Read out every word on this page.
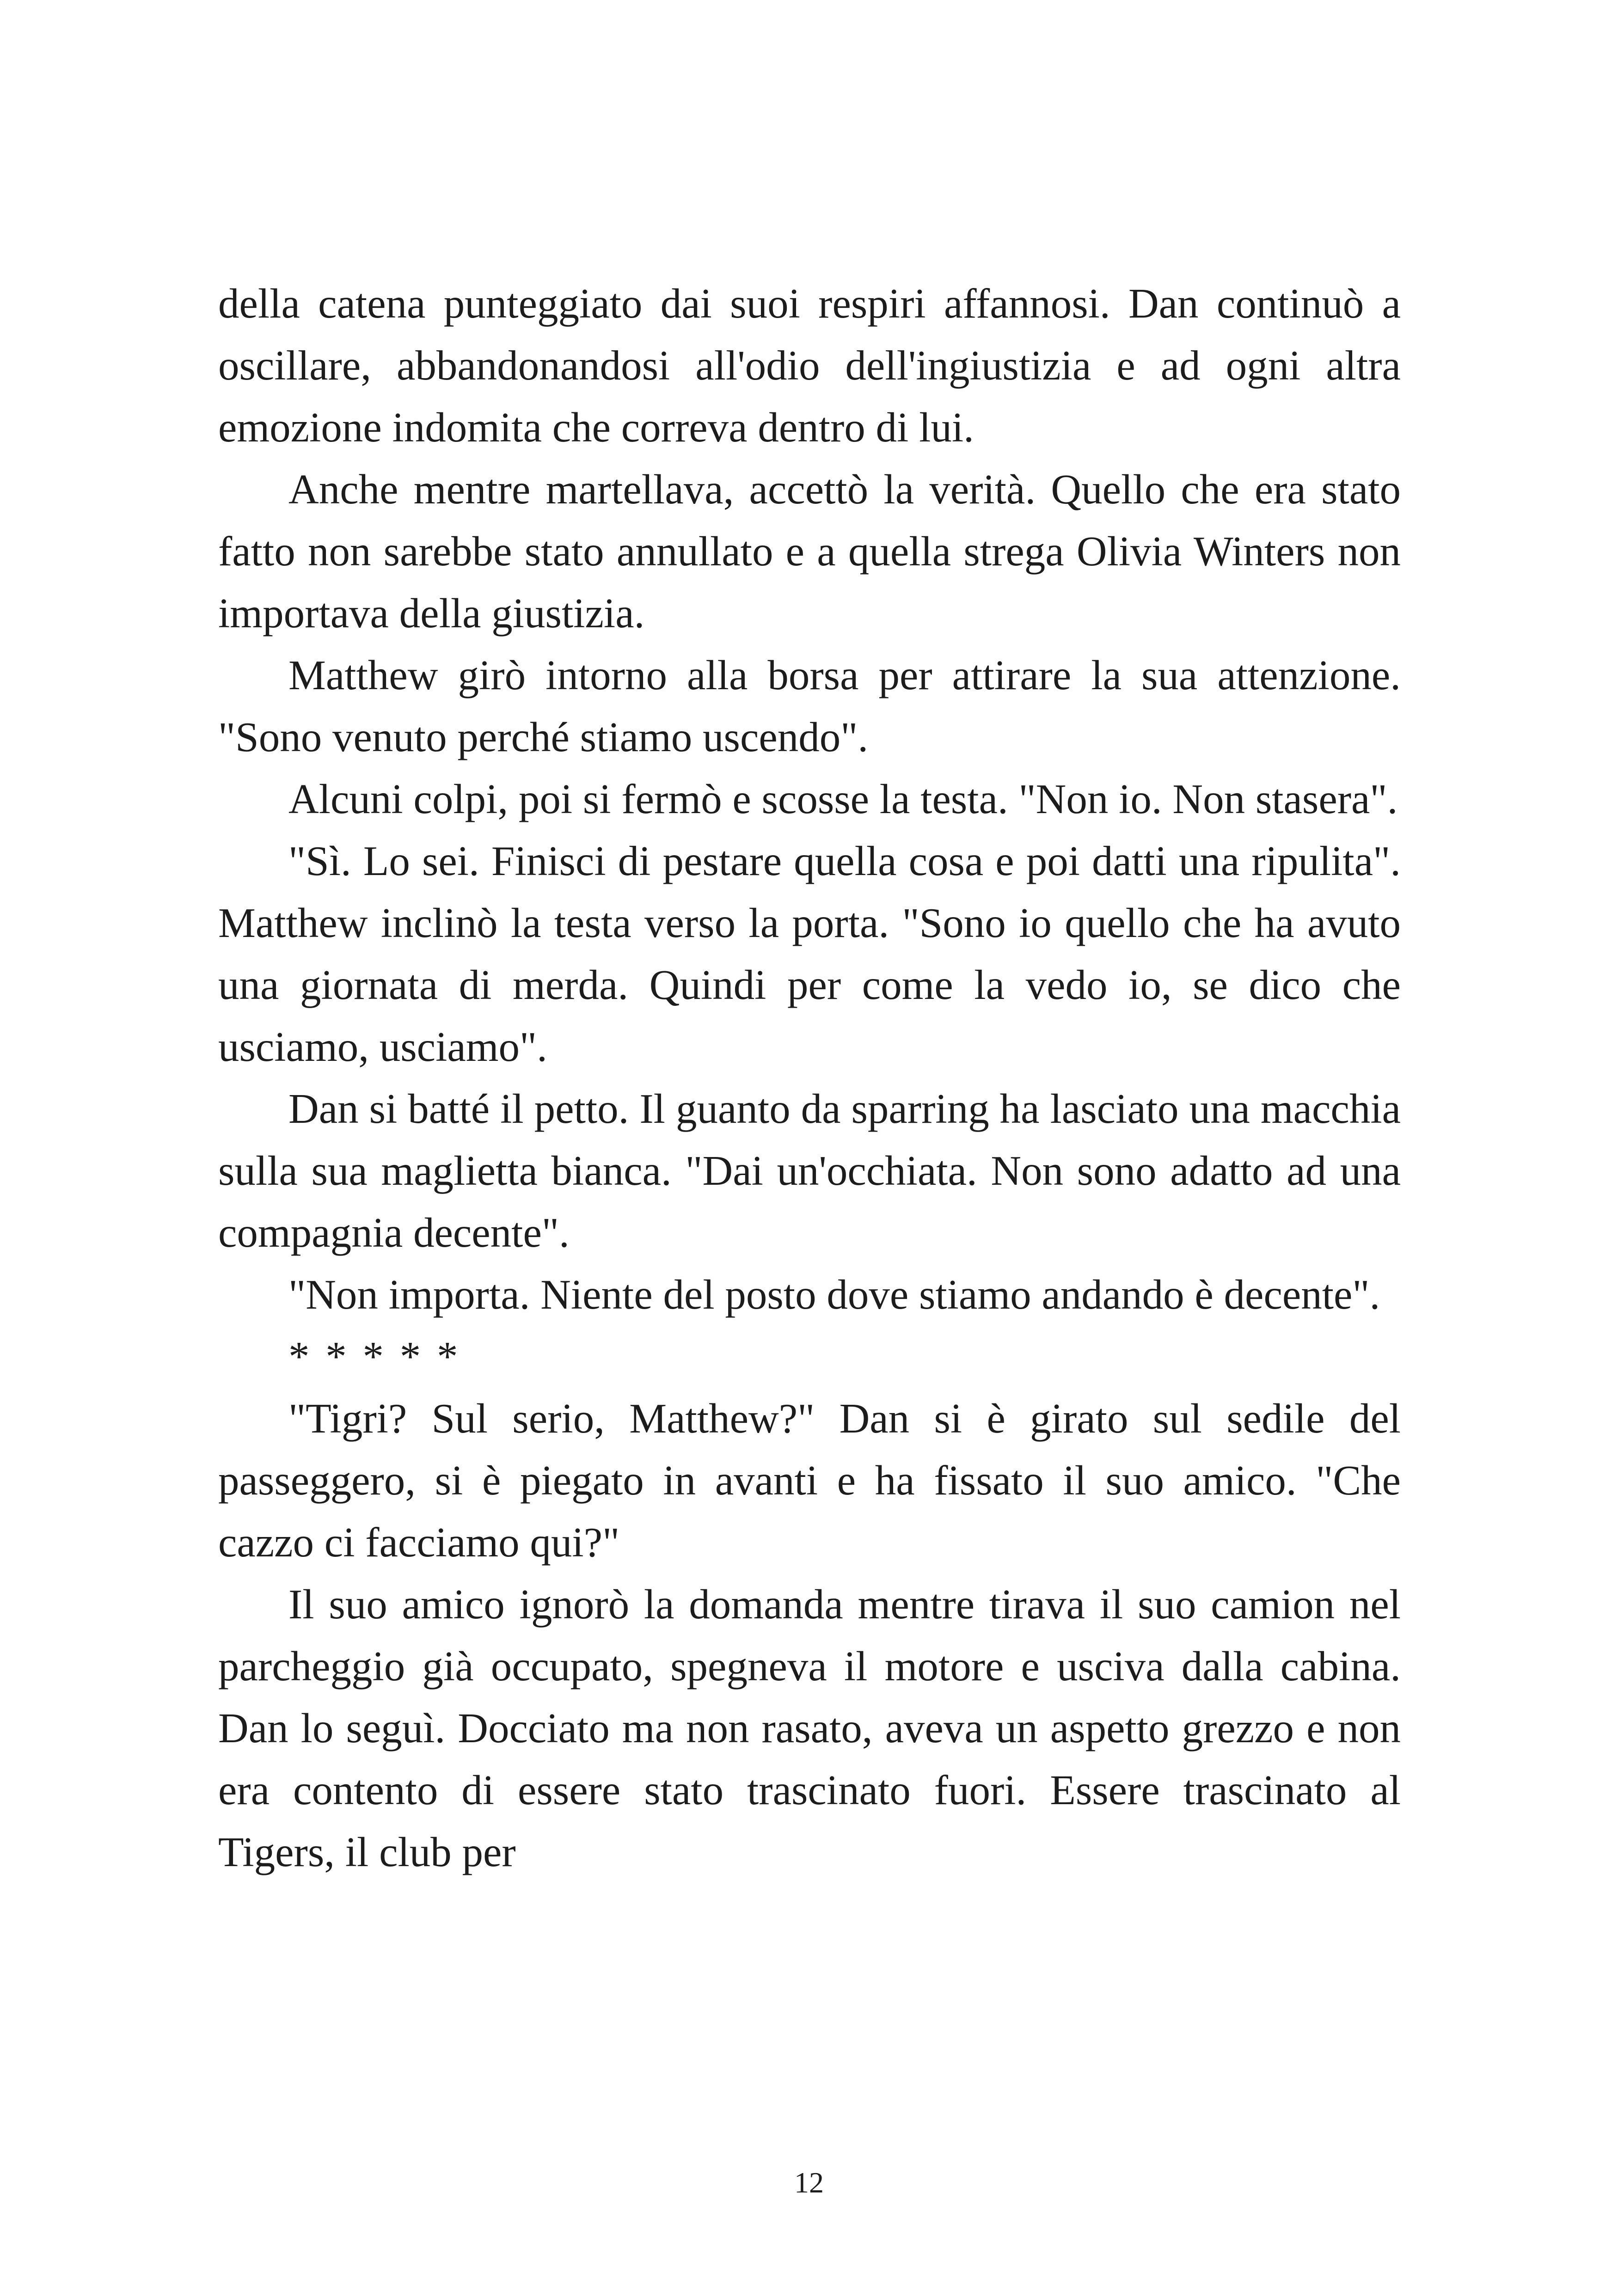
della catena punteggiato dai suoi respiri affannosi. Dan continuò a oscillare, abbandonandosi all'odio dell'ingiustizia e ad ogni altra emozione indomita che correva dentro di lui.

Anche mentre martellava, accettò la verità. Quello che era stato fatto non sarebbe stato annullato e a quella strega Olivia Winters non importava della giustizia.

Matthew girò intorno alla borsa per attirare la sua attenzione. "Sono venuto perché stiamo uscendo".

Alcuni colpi, poi si fermò e scosse la testa. "Non io. Non stasera".

"Sì. Lo sei. Finisci di pestare quella cosa e poi datti una ripulita". Matthew inclinò la testa verso la porta. "Sono io quello che ha avuto una giornata di merda. Quindi per come la vedo io, se dico che usciamo, usciamo".

Dan si batté il petto. Il guanto da sparring ha lasciato una macchia sulla sua maglietta bianca. "Dai un'occhiata. Non sono adatto ad una compagnia decente".

"Non importa. Niente del posto dove stiamo andando è decente".

* * * * *

"Tigri? Sul serio, Matthew?" Dan si è girato sul sedile del passeggero, si è piegato in avanti e ha fissato il suo amico. "Che cazzo ci facciamo qui?"

Il suo amico ignorò la domanda mentre tirava il suo camion nel parcheggio già occupato, spegneva il motore e usciva dalla cabina. Dan lo seguì. Docciato ma non rasato, aveva un aspetto grezzo e non era contento di essere stato trascinato fuori. Essere trascinato al Tigers, il club per

12
